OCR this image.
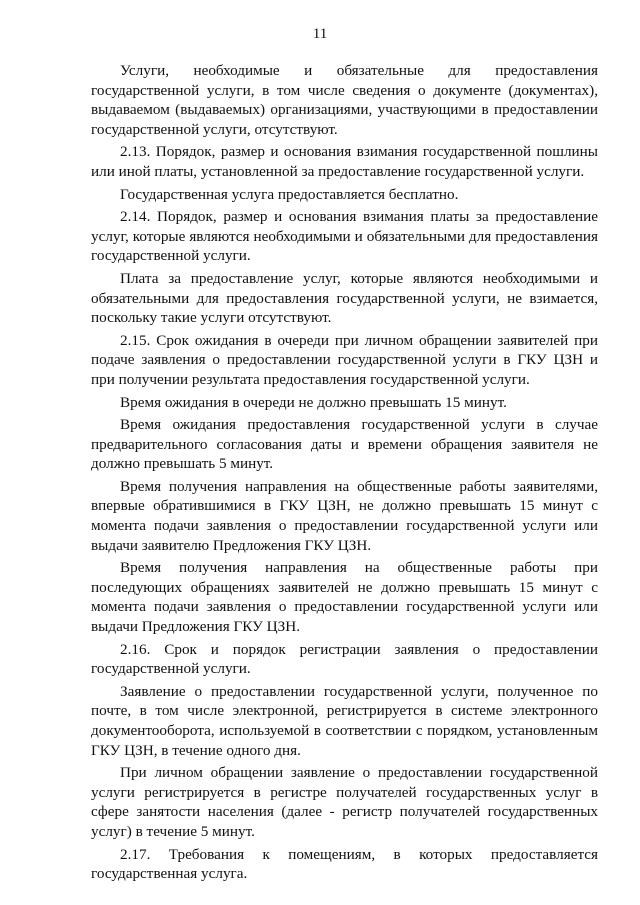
11

Услуги, необходимые и обязательные для предоставления государственной услуги, в том числе сведения о документе (документах), выдаваемом (выдаваемых) организациями, участвующими в предоставлении государственной услуги, отсутствуют.

2.13. Порядок, размер и основания взимания государственной пошлины или иной платы, установленной за предоставление государственной услуги.

Государственная услуга предоставляется бесплатно.

2.14. Порядок, размер и основания взимания платы за предоставление услуг, которые являются необходимыми и обязательными для предоставления государственной услуги.

Плата за предоставление услуг, которые являются необходимыми и обязательными для предоставления государственной услуги, не взимается, поскольку такие услуги отсутствуют.

2.15. Срок ожидания в очереди при личном обращении заявителей при подаче заявления о предоставлении государственной услуги в ГКУ ЦЗН и при получении результата предоставления государственной услуги.

Время ожидания в очереди не должно превышать 15 минут.

Время ожидания предоставления государственной услуги в случае предварительного согласования даты и времени обращения заявителя не должно превышать 5 минут.

Время получения направления на общественные работы заявителями, впервые обратившимися в ГКУ ЦЗН, не должно превышать 15 минут с момента подачи заявления о предоставлении государственной услуги или выдачи заявителю Предложения ГКУ ЦЗН.

Время получения направления на общественные работы при последующих обращениях заявителей не должно превышать 15 минут с момента подачи заявления о предоставлении государственной услуги или выдачи Предложения ГКУ ЦЗН.

2.16. Срок и порядок регистрации заявления о предоставлении государственной услуги.

Заявление о предоставлении государственной услуги, полученное по почте, в том числе электронной, регистрируется в системе электронного документооборота, используемой в соответствии с порядком, установленным ГКУ ЦЗН, в течение одного дня.

При личном обращении заявление о предоставлении государственной услуги регистрируется в регистре получателей государственных услуг в сфере занятости населения (далее - регистр получателей государственных услуг) в течение 5 минут.

2.17. Требования к помещениям, в которых предоставляется государственная услуга.
